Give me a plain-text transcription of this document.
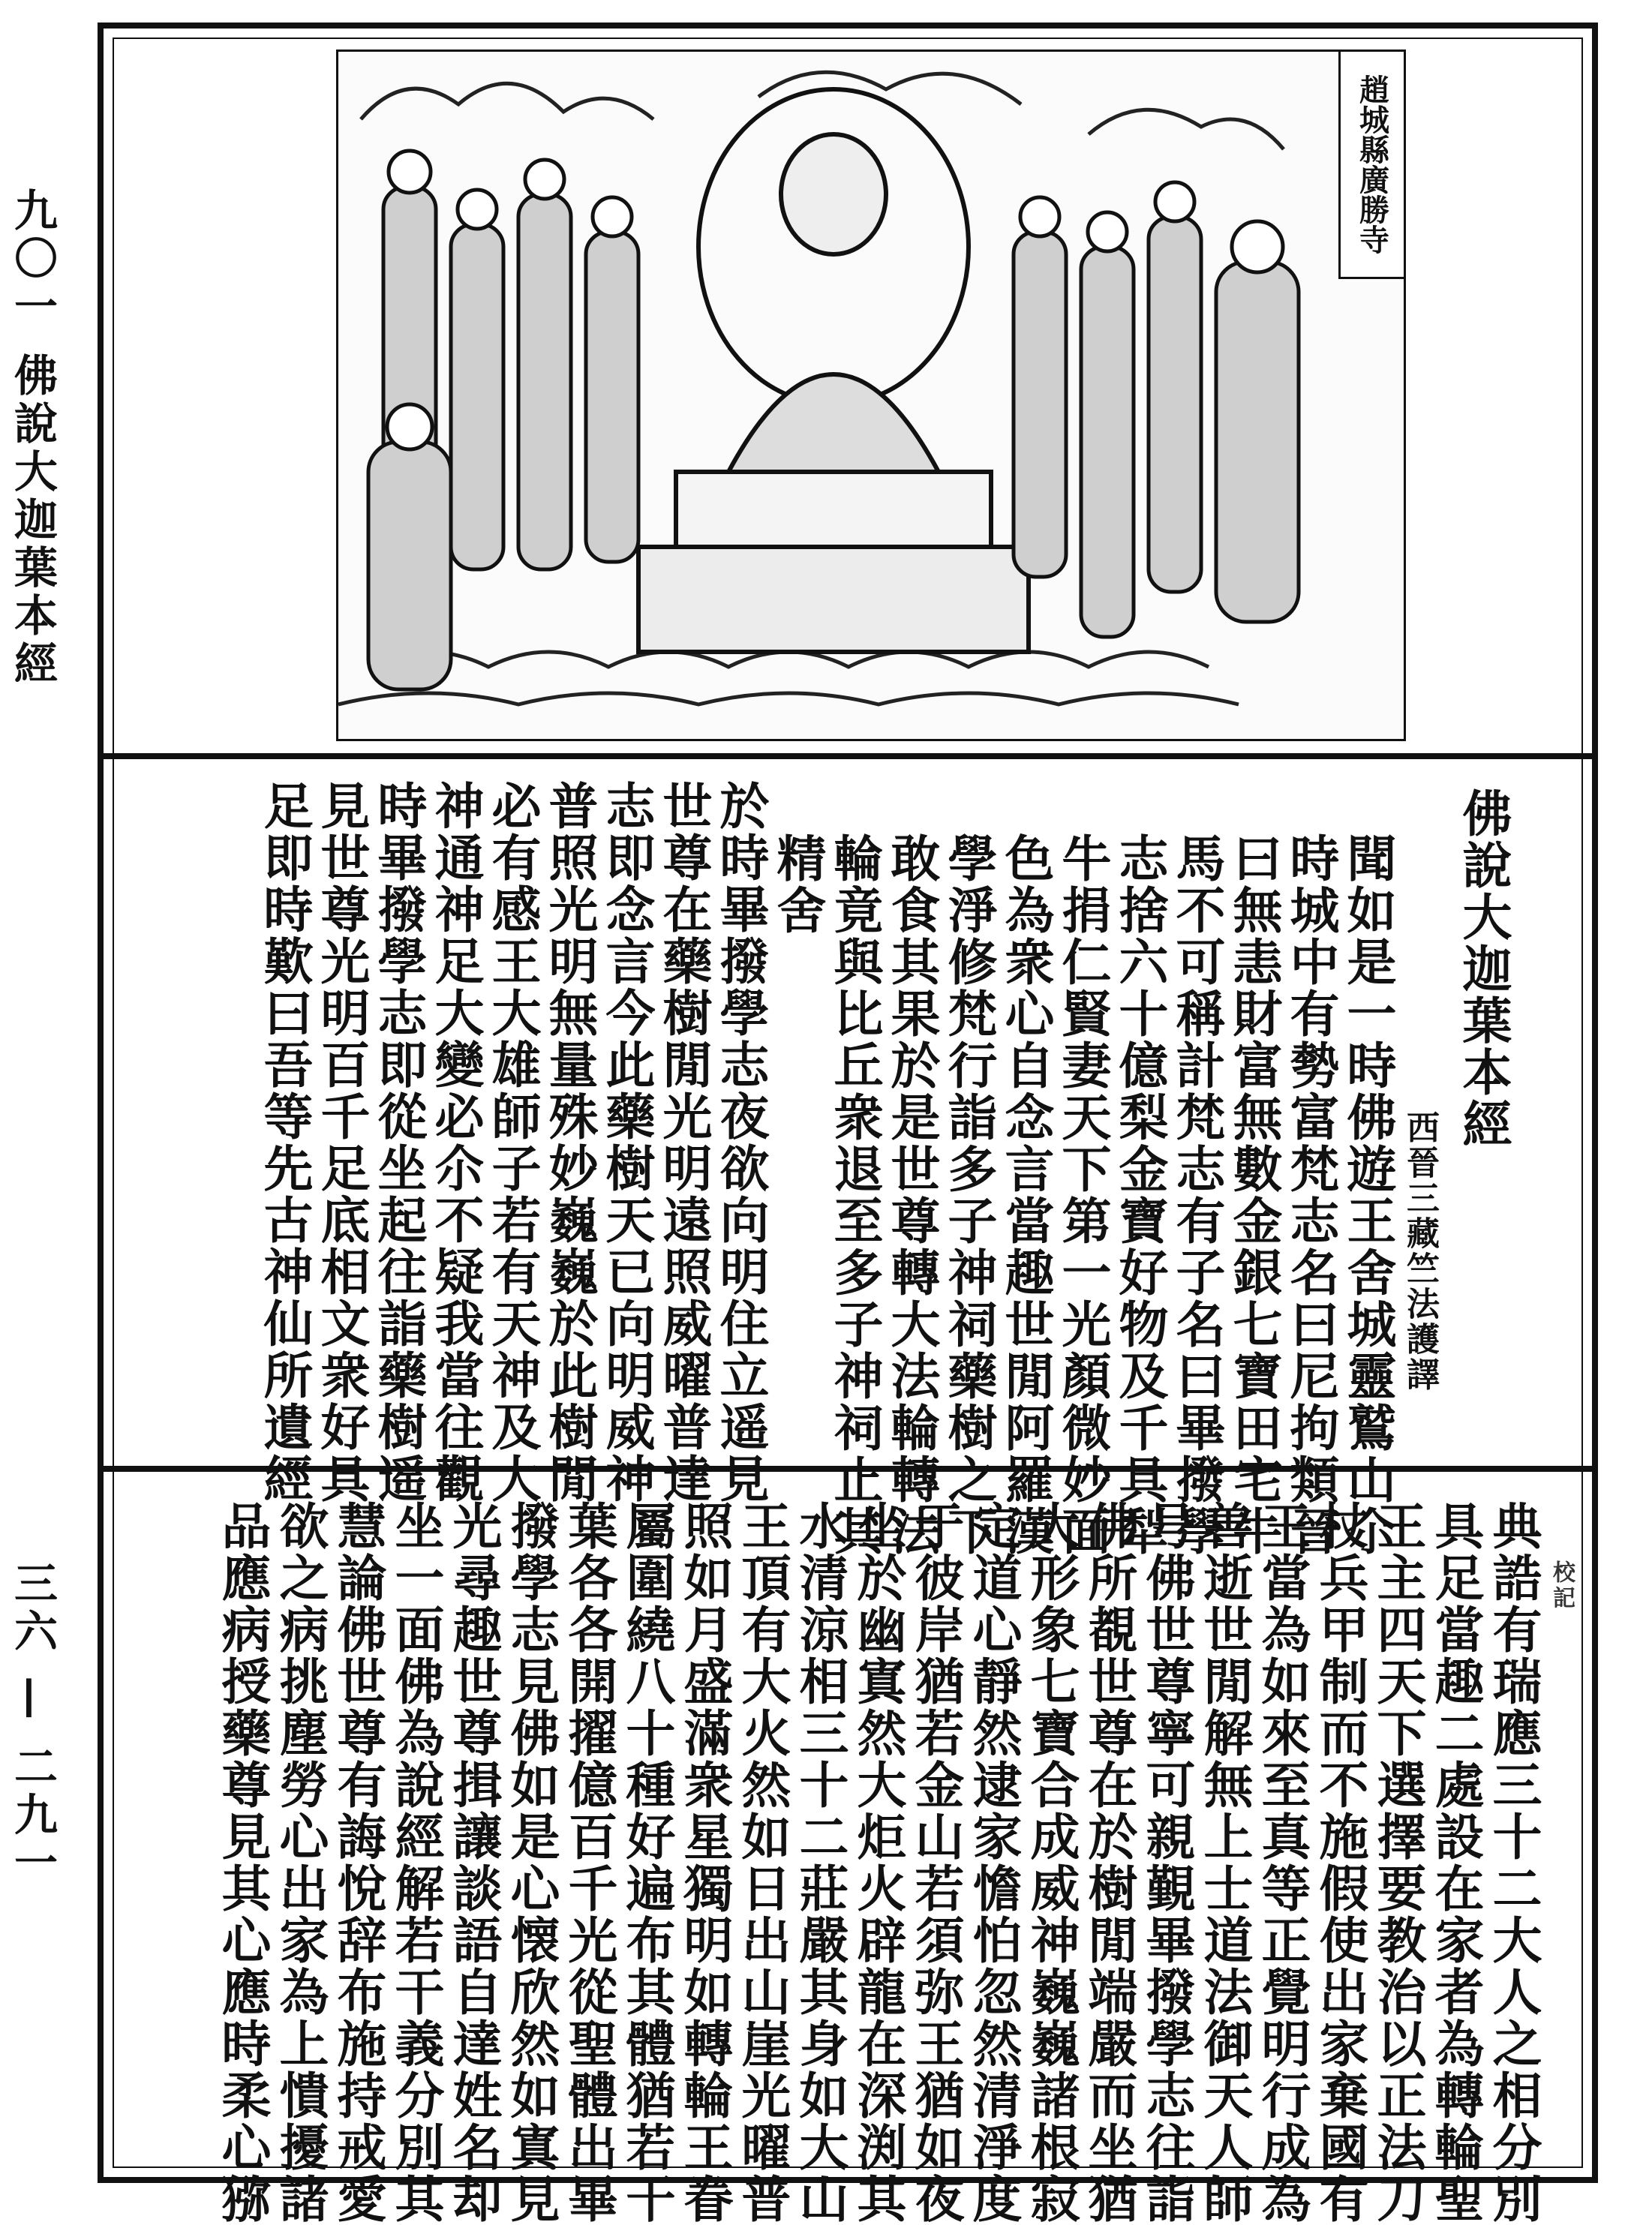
九〇一
佛說大迦葉本經
三六 — 二九一
趙城縣廣勝寺
佛說大迦葉本經
西晉三藏竺法護譯
聞如是一時佛遊王舍城靈鷲山尒
時城中有勢富梵志名曰尼拘類晉
曰無恚財富無數金銀七寶田宅牛
馬不可稱計梵志有子名曰畢撥學
志捨六十億梨金寶好物及千具犁
牛捐仁賢妻天下第一光顏微妙面
色為衆心自念言當趣世閒阿羅漢
學淨修梵行詣多子神祠藥樹之下
敢食其果於是世尊轉大法輪轉法
輪竟與比丘衆退至多子神祠止其
精舍
於時畢撥學志夜欲向明住立遥見
世尊在藥樹閒光明遠照威曜普達
志即念言今此藥樹天已向明威神
普照光明無量殊妙巍巍於此樹閒
必有感王大雄師子若有天神及大
神通神足大變必尒不疑我當往觀
時畢撥學志即從坐起往詣藥樹遥
見世尊光明百千足底相文衆好具
足即時歎曰吾等先古神仙所遺經
校記
典誥有瑞應三十二大人之相分別
具足當趣二處設在家者為轉輪聖
王主四天下選擇要教治以正法刀
杖兵甲制而不施假使出家棄國有
王當為如來至真等正覺明行成為
善逝世閒解無上士道法御天人師
号佛世尊寧可親覲畢撥學志往詣
佛所覩世尊在於樹閒端嚴而坐猶
大形象七寶合成威神巍巍諸根寂
定道心靜然逮家憺怕忽然清淨度
于彼岸猶若金山若須弥王猶如夜
坐於幽寘然大炬火辟龍在深渕其
水清涼相三十二莊嚴其身如大山
王頂有大火然如日出山崖光曜普
照如月盛滿衆星獨明如轉輪王眷
屬圍繞八十種好遍布其體猶若干
葉各各開擢億百千光從聖體出畢
撥學志見佛如是心懐欣然如寘見
光尋趣世尊揖讓談語自達姓名却
坐一面佛為說經解若干義分別其
慧論佛世尊有誨悅辞布施持戒愛
欲之病挑塵勞心出家為上憒擾諸
品應病授藥尊見其心應時柔心猕
